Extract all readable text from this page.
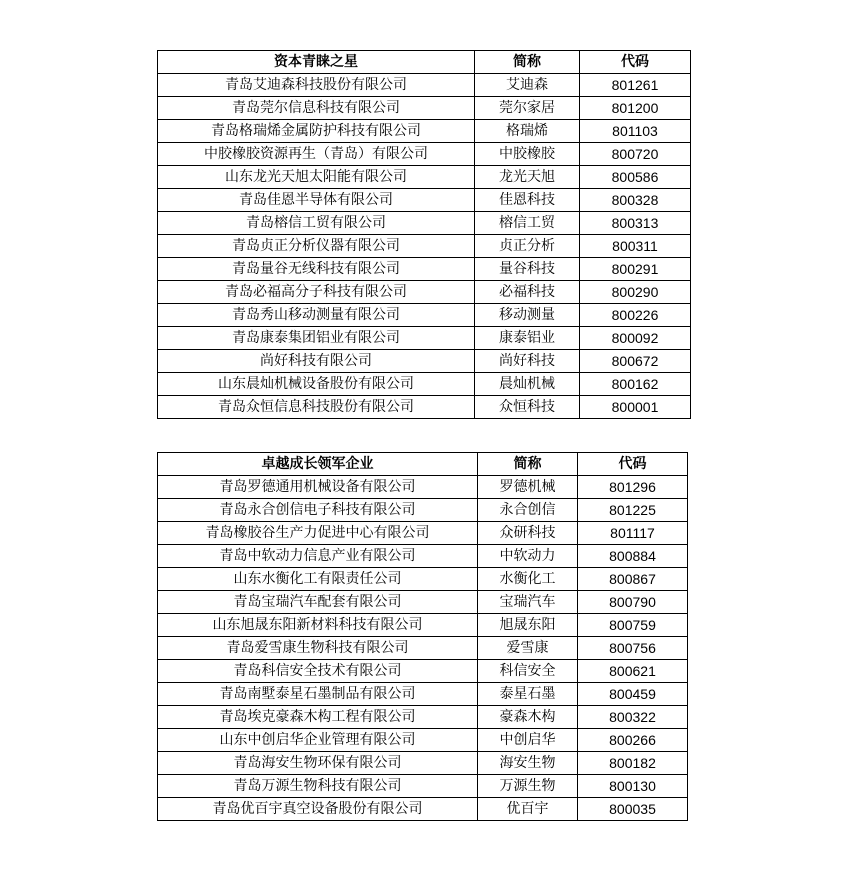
资本青睐之星	简称	代码
青岛艾迪森科技股份有限公司	艾迪森	801261
青岛莞尔信息科技有限公司	莞尔家居	801200
青岛格瑞烯金属防护科技有限公司	格瑞烯	801103
中胶橡胶资源再生（青岛）有限公司	中胶橡胶	800720
山东龙光天旭太阳能有限公司	龙光天旭	800586
青岛佳恩半导体有限公司	佳恩科技	800328
青岛榕信工贸有限公司	榕信工贸	800313
青岛贞正分析仪器有限公司	贞正分析	800311
青岛量谷无线科技有限公司	量谷科技	800291
青岛必福高分子科技有限公司	必福科技	800290
青岛秀山移动测量有限公司	移动测量	800226
青岛康泰集团铝业有限公司	康泰铝业	800092
尚好科技有限公司	尚好科技	800672
山东晨灿机械设备股份有限公司	晨灿机械	800162
青岛众恒信息科技股份有限公司	众恒科技	800001
卓越成长领军企业	简称	代码
青岛罗德通用机械设备有限公司	罗德机械	801296
青岛永合创信电子科技有限公司	永合创信	801225
青岛橡胶谷生产力促进中心有限公司	众研科技	801117
青岛中软动力信息产业有限公司	中软动力	800884
山东水衡化工有限责任公司	水衡化工	800867
青岛宝瑞汽车配套有限公司	宝瑞汽车	800790
山东旭晟东阳新材料科技有限公司	旭晟东阳	800759
青岛爱雪康生物科技有限公司	爱雪康	800756
青岛科信安全技术有限公司	科信安全	800621
青岛南墅泰星石墨制品有限公司	泰星石墨	800459
青岛埃克豪森木构工程有限公司	豪森木构	800322
山东中创启华企业管理有限公司	中创启华	800266
青岛海安生物环保有限公司	海安生物	800182
青岛万源生物科技有限公司	万源生物	800130
青岛优百宇真空设备股份有限公司	优百宇	800035
